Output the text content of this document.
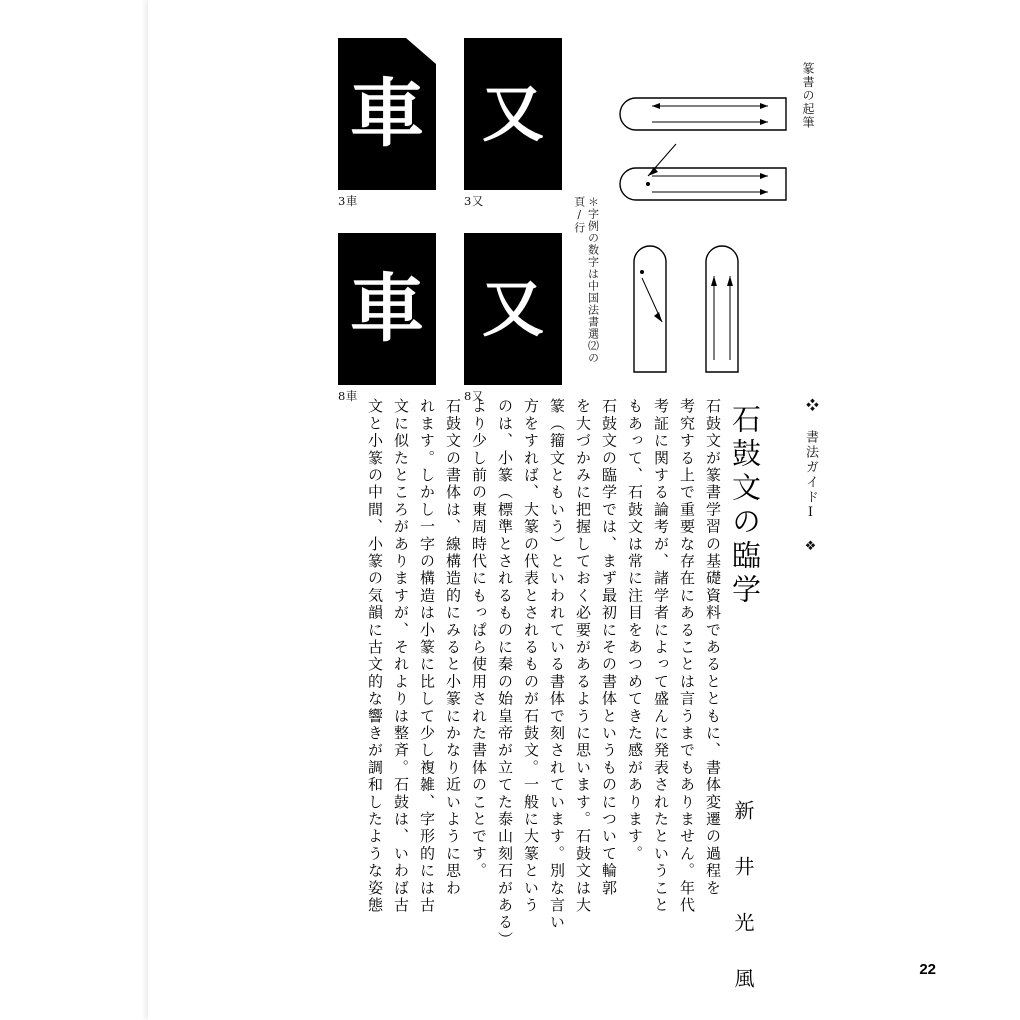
車
3車
又
3又
車
8車
又
8又
＊字例の数字は中国法書選⑵の頁/行
篆書の起筆
❖ 書法ガイドⅠ ❖
石鼓文の臨学
新 井 光 風
石鼓文が篆書学習の基礎資料であるとともに、書体変遷の過程を
考究する上で重要な存在にあることは言うまでもありません。年代
考証に関する論考が、諸学者によって盛んに発表されたということ
もあって、石鼓文は常に注目をあつめてきた感があります。
石鼓文の臨学では、まず最初にその書体というものについて輪郭
を大づかみに把握しておく必要があるように思います。石鼓文は大
篆（籀文ともいう）といわれている書体で刻されています。別な言い
方をすれば、大篆の代表とされるものが石鼓文。一般に大篆という
のは、小篆（標準とされるものに秦の始皇帝が立てた泰山刻石がある）
より少し前の東周時代にもっぱら使用された書体のことです。
石鼓文の書体は、線構造的にみると小篆にかなり近いように思わ
れます。しかし一字の構造は小篆に比して少し複雑、字形的には古
文に似たところがありますが、それよりは整斉。石鼓は、いわば古
文と小篆の中間、小篆の気韻に古文的な響きが調和したような姿態
22
